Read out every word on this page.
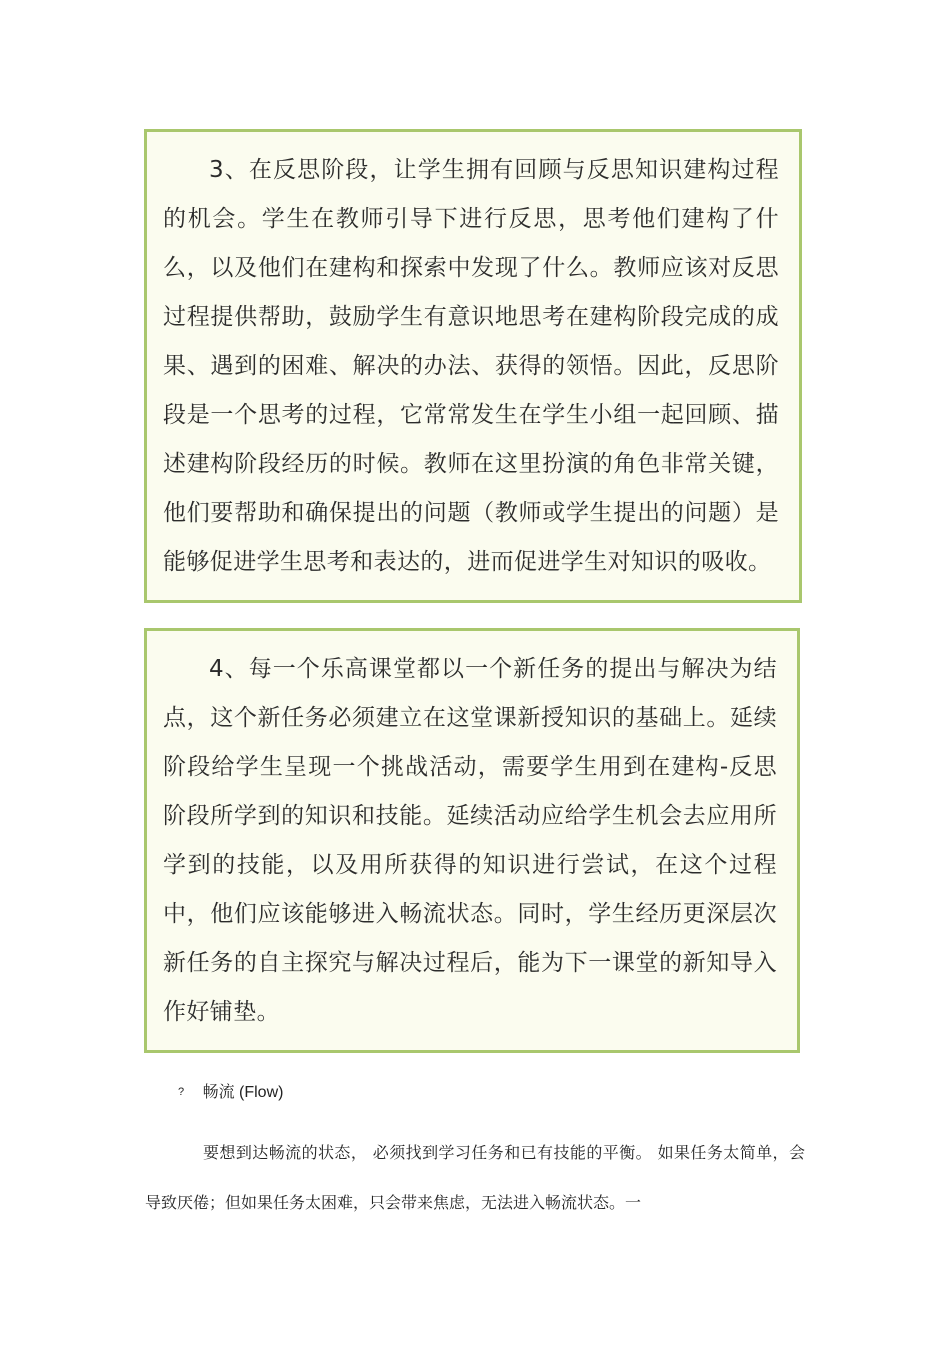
3、在反思阶段，让学生拥有回顾与反思知识建构过程的机会。学生在教师引导下进行反思，思考他们建构了什么，以及他们在建构和探索中发现了什么。教师应该对反思过程提供帮助，鼓励学生有意识地思考在建构阶段完成的成果、遇到的困难、解决的办法、获得的领悟。因此，反思阶段是一个思考的过程，它常常发生在学生小组一起回顾、描述建构阶段经历的时候。教师在这里扮演的角色非常关键，他们要帮助和确保提出的问题（教师或学生提出的问题）是能够促进学生思考和表达的，进而促进学生对知识的吸收。

4、每一个乐高课堂都以一个新任务的提出与解决为结点，这个新任务必须建立在这堂课新授知识的基础上。延续阶段给学生呈现一个挑战活动，需要学生用到在建构-反思阶段所学到的知识和技能。延续活动应给学生机会去应用所学到的技能，以及用所获得的知识进行尝试，在这个过程中，他们应该能够进入畅流状态。同时，学生经历更深层次新任务的自主探究与解决过程后，能为下一课堂的新知导入作好铺垫。

? 畅流 (Flow)

要想到达畅流的状态， 必须找到学习任务和已有技能的平衡。 如果任务太简单，会导致厌倦；但如果任务太困难，只会带来焦虑，无法进入畅流状态。一
